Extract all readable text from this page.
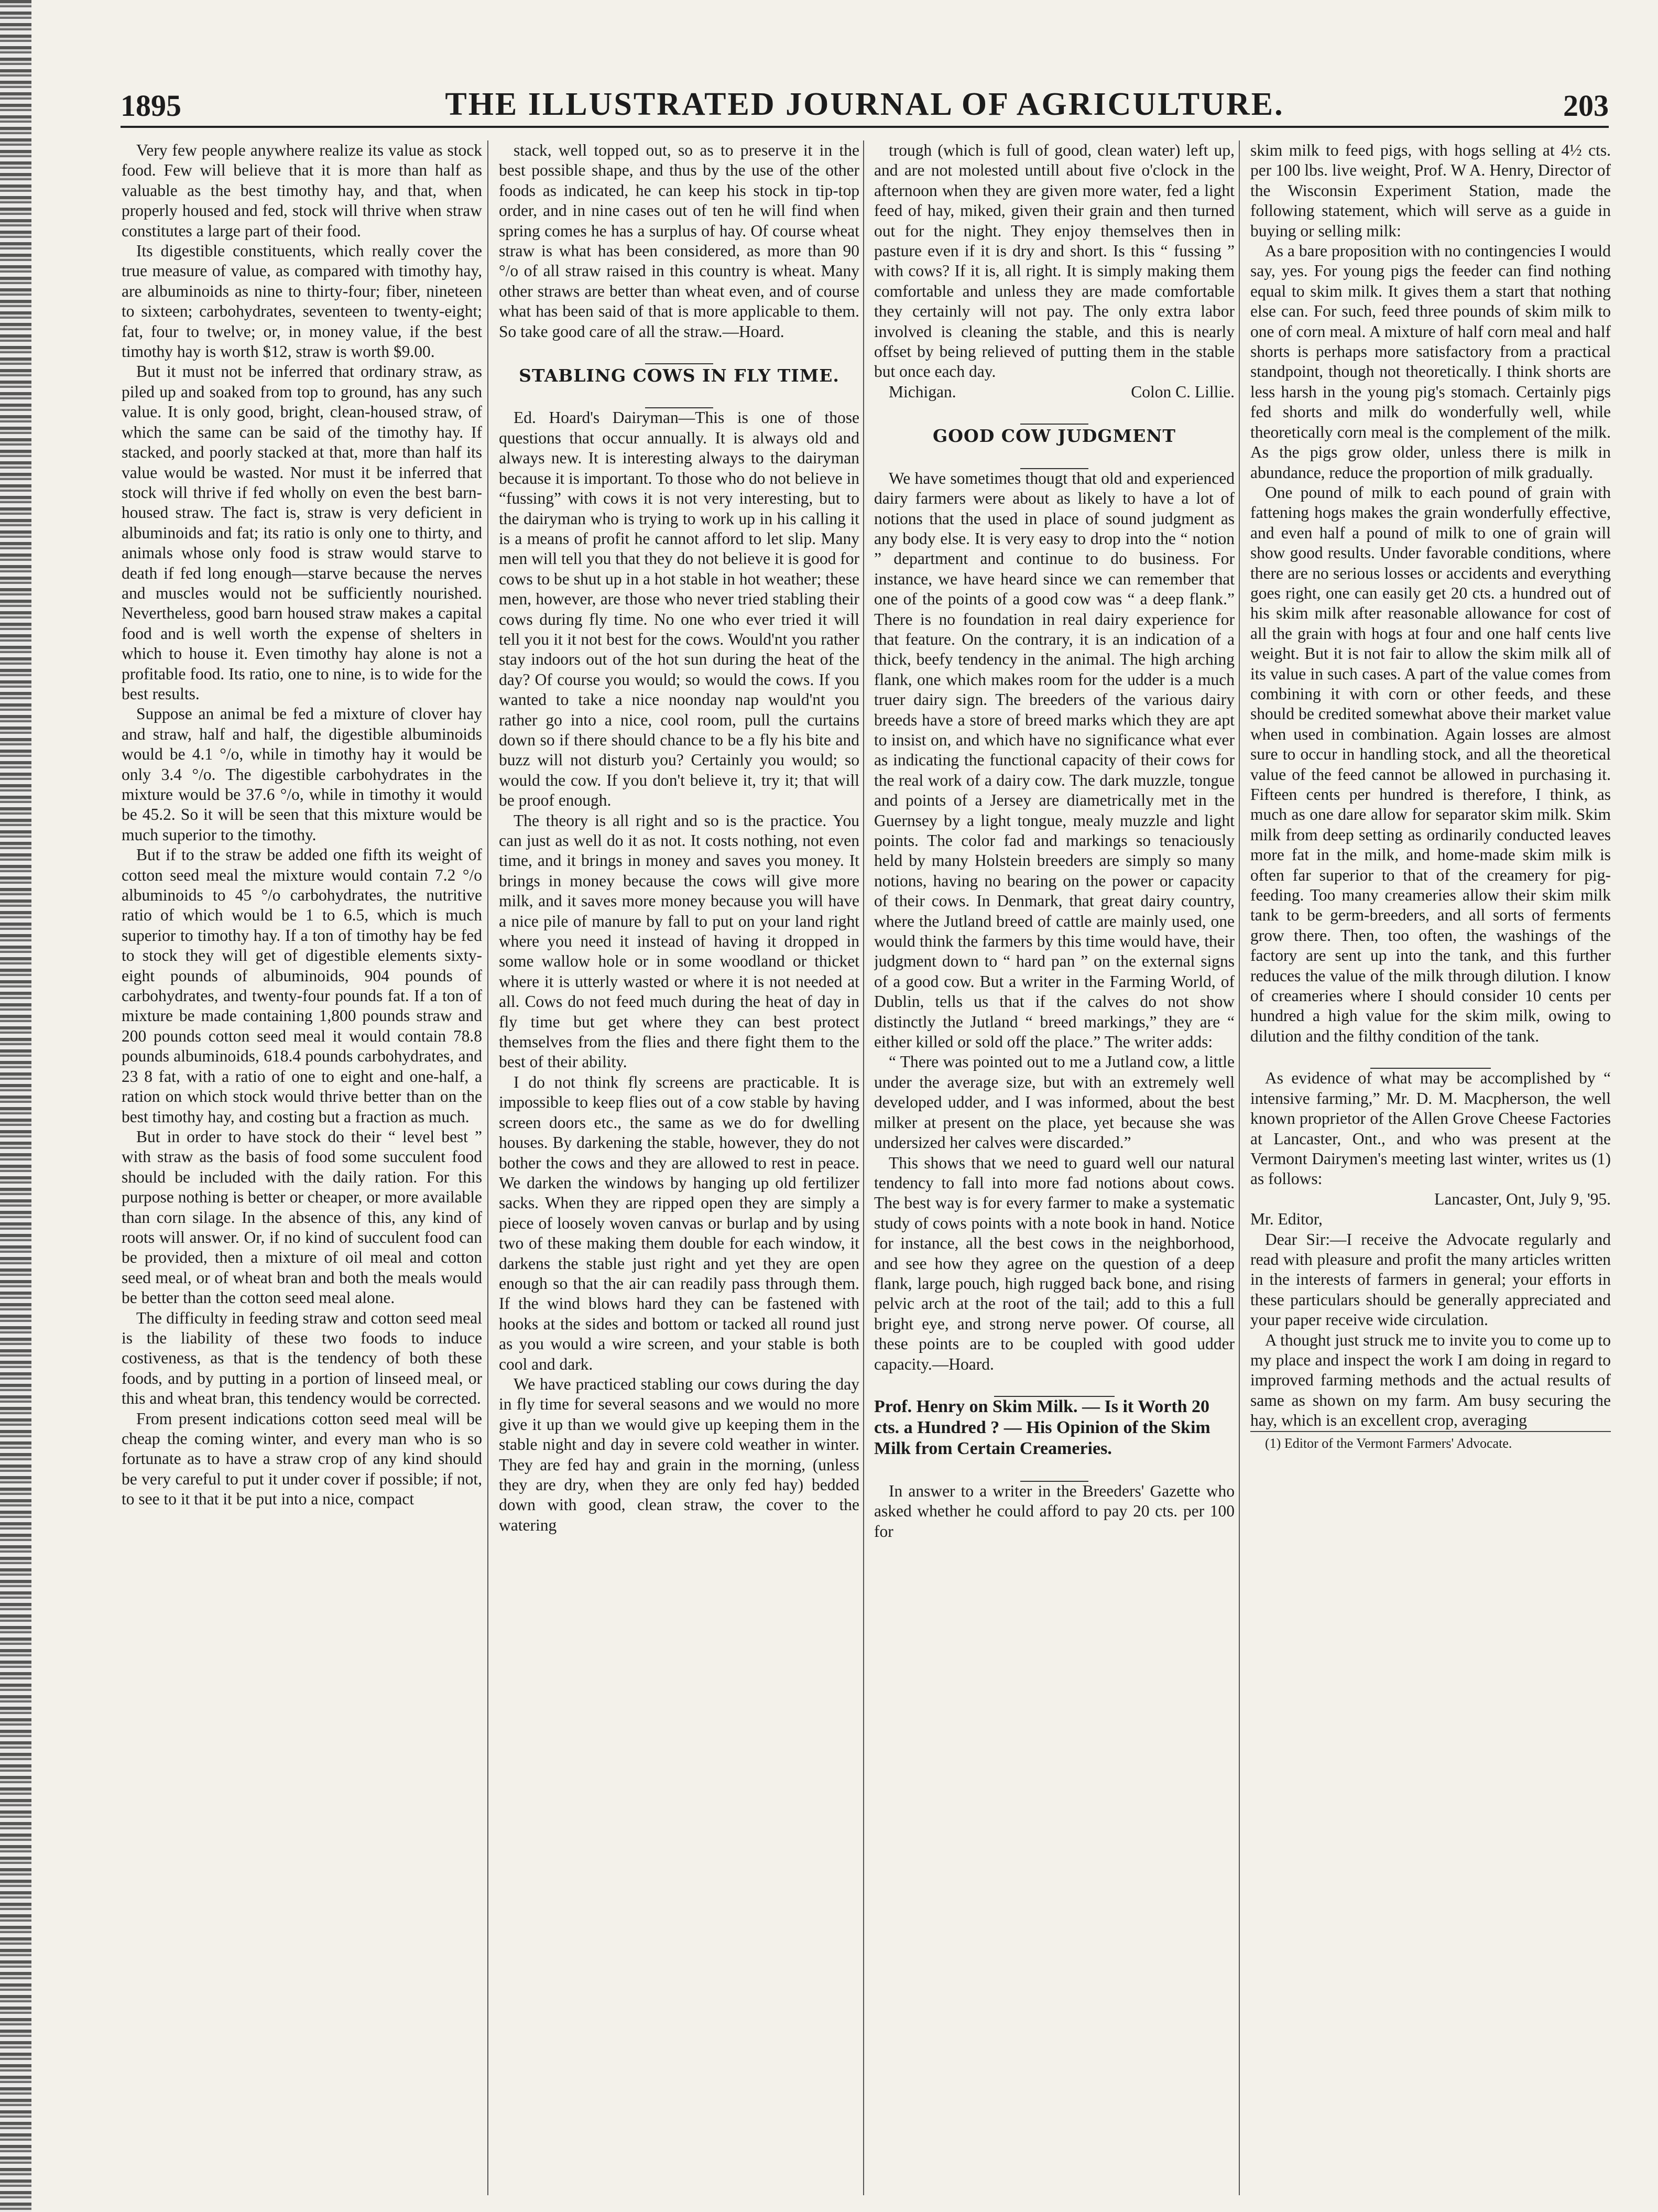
1895	THE ILLUSTRATED JOURNAL OF AGRICULTURE.	203

Very few people anywhere realize its value as stock food. Few will believe that it is more than half as valuable as the best timothy hay, and that, when properly housed and fed, stock will thrive when straw constitutes a large part of their food.

Its digestible constituents, which really cover the true measure of value, as compared with timothy hay, are albuminoids as nine to thirty-four; fiber, nineteen to sixteen; carbohydrates, seventeen to twenty-eight; fat, four to twelve; or, in money value, if the best timothy hay is worth $12, straw is worth $9.00.

But it must not be inferred that ordinary straw, as piled up and soaked from top to ground, has any such value. It is only good, bright, clean-housed straw, of which the same can be said of the timothy hay. If stacked, and poorly stacked at that, more than half its value would be wasted. Nor must it be inferred that stock will thrive if fed wholly on even the best barn-housed straw. The fact is, straw is very deficient in albuminoids and fat; its ratio is only one to thirty, and animals whose only food is straw would starve to death if fed long enough—starve because the nerves and muscles would not be sufficiently nourished. Nevertheless, good barn housed straw makes a capital food and is well worth the expense of shelters in which to house it. Even timothy hay alone is not a profitable food. Its ratio, one to nine, is to wide for the best results.

Suppose an animal be fed a mixture of clover hay and straw, half and half, the digestible albuminoids would be 4.1 °/o, while in timothy hay it would be only 3.4 °/o. The digestible carbohydrates in the mixture would be 37.6 °/o, while in timothy it would be 45.2. So it will be seen that this mixture would be much superior to the timothy.

But if to the straw be added one fifth its weight of cotton seed meal the mixture would contain 7.2 °/o albuminoids to 45 °/o carbohydrates, the nutritive ratio of which would be 1 to 6.5, which is much superior to timothy hay. If a ton of timothy hay be fed to stock they will get of digestible elements sixty-eight pounds of albuminoids, 904 pounds of carbohydrates, and twenty-four pounds fat. If a ton of mixture be made containing 1,800 pounds straw and 200 pounds cotton seed meal it would contain 78.8 pounds albuminoids, 618.4 pounds carbohydrates, and 23 8 fat, with a ratio of one to eight and one-half, a ration on which stock would thrive better than on the best timothy hay, and costing but a fraction as much.

But in order to have stock do their “ level best ” with straw as the basis of food some succulent food should be included with the daily ration. For this purpose nothing is better or cheaper, or more available than corn silage. In the absence of this, any kind of roots will answer. Or, if no kind of succulent food can be provided, then a mixture of oil meal and cotton seed meal, or of wheat bran and both the meals would be better than the cotton seed meal alone.

The difficulty in feeding straw and cotton seed meal is the liability of these two foods to induce costiveness, as that is the tendency of both these foods, and by putting in a portion of linseed meal, or this and wheat bran, this tendency would be corrected.

From present indications cotton seed meal will be cheap the coming winter, and every man who is so fortunate as to have a straw crop of any kind should be very careful to put it under cover if possible; if not, to see to it that it be put into a nice, compact

stack, well topped out, so as to preserve it in the best possible shape, and thus by the use of the other foods as indicated, he can keep his stock in tip-top order, and in nine cases out of ten he will find when spring comes he has a surplus of hay. Of course wheat straw is what has been considered, as more than 90 °/o of all straw raised in this country is wheat. Many other straws are better than wheat even, and of course what has been said of that is more applicable to them. So take good care of all the straw.—Hoard.

STABLING COWS IN FLY TIME.

Ed. Hoard's Dairyman—This is one of those questions that occur annually. It is always old and always new. It is interesting always to the dairyman because it is important. To those who do not believe in “fussing” with cows it is not very interesting, but to the dairyman who is trying to work up in his calling it is a means of profit he cannot afford to let slip. Many men will tell you that they do not believe it is good for cows to be shut up in a hot stable in hot weather; these men, however, are those who never tried stabling their cows during fly time. No one who ever tried it will tell you it it not best for the cows. Would'nt you rather stay indoors out of the hot sun during the heat of the day? Of course you would; so would the cows. If you wanted to take a nice noonday nap would'nt you rather go into a nice, cool room, pull the curtains down so if there should chance to be a fly his bite and buzz will not disturb you? Certainly you would; so would the cow. If you don't believe it, try it; that will be proof enough.

The theory is all right and so is the practice. You can just as well do it as not. It costs nothing, not even time, and it brings in money and saves you money. It brings in money because the cows will give more milk, and it saves more money because you will have a nice pile of manure by fall to put on your land right where you need it instead of having it dropped in some wallow hole or in some woodland or thicket where it is utterly wasted or where it is not needed at all. Cows do not feed much during the heat of day in fly time but get where they can best protect themselves from the flies and there fight them to the best of their ability.

I do not think fly screens are practicable. It is impossible to keep flies out of a cow stable by having screen doors etc., the same as we do for dwelling houses. By darkening the stable, however, they do not bother the cows and they are allowed to rest in peace. We darken the windows by hanging up old fertilizer sacks. When they are ripped open they are simply a piece of loosely woven canvas or burlap and by using two of these making them double for each window, it darkens the stable just right and yet they are open enough so that the air can readily pass through them. If the wind blows hard they can be fastened with hooks at the sides and bottom or tacked all round just as you would a wire screen, and your stable is both cool and dark.

We have practiced stabling our cows during the day in fly time for several seasons and we would no more give it up than we would give up keeping them in the stable night and day in severe cold weather in winter. They are fed hay and grain in the morning, (unless they are dry, when they are only fed hay) bedded down with good, clean straw, the cover to the watering

trough (which is full of good, clean water) left up, and are not molested untill about five o'clock in the afternoon when they are given more water, fed a light feed of hay, miked, given their grain and then turned out for the night. They enjoy themselves then in pasture even if it is dry and short. Is this “ fussing ” with cows? If it is, all right. It is simply making them comfortable and unless they are made comfortable they certainly will not pay. The only extra labor involved is cleaning the stable, and this is nearly offset by being relieved of putting them in the stable but once each day.

Michigan.	Colon C. Lillie.

GOOD COW JUDGMENT

We have sometimes thougt that old and experienced dairy farmers were about as likely to have a lot of notions that the used in place of sound judgment as any body else. It is very easy to drop into the “ notion ” department and continue to do business. For instance, we have heard since we can remember that one of the points of a good cow was “ a deep flank.” There is no foundation in real dairy experience for that feature. On the contrary, it is an indication of a thick, beefy tendency in the animal. The high arching flank, one which makes room for the udder is a much truer dairy sign. The breeders of the various dairy breeds have a store of breed marks which they are apt to insist on, and which have no significance what ever as indicating the functional capacity of their cows for the real work of a dairy cow. The dark muzzle, tongue and points of a Jersey are diametrically met in the Guernsey by a light tongue, mealy muzzle and light points. The color fad and markings so tenaciously held by many Holstein breeders are simply so many notions, having no bearing on the power or capacity of their cows. In Denmark, that great dairy country, where the Jutland breed of cattle are mainly used, one would think the farmers by this time would have, their judgment down to “ hard pan ” on the external signs of a good cow. But a writer in the Farming World, of Dublin, tells us that if the calves do not show distinctly the Jutland “ breed markings,” they are “ either killed or sold off the place.” The writer adds:

“ There was pointed out to me a Jutland cow, a little under the average size, but with an extremely well developed udder, and I was informed, about the best milker at present on the place, yet because she was undersized her calves were discarded.”

This shows that we need to guard well our natural tendency to fall into more fad notions about cows. The best way is for every farmer to make a systematic study of cows points with a note book in hand. Notice for instance, all the best cows in the neighborhood, and see how they agree on the question of a deep flank, large pouch, high rugged back bone, and rising pelvic arch at the root of the tail; add to this a full bright eye, and strong nerve power. Of course, all these points are to be coupled with good udder capacity.—Hoard.

Prof. Henry on Skim Milk. — Is it Worth 20 cts. a Hundred ? — His Opinion of the Skim Milk from Certain Creameries.

In answer to a writer in the Breeders' Gazette who asked whether he could afford to pay 20 cts. per 100 for

skim milk to feed pigs, with hogs selling at 4½ cts. per 100 lbs. live weight, Prof. W A. Henry, Director of the Wisconsin Experiment Station, made the following statement, which will serve as a guide in buying or selling milk:

As a bare proposition with no contingencies I would say, yes. For young pigs the feeder can find nothing equal to skim milk. It gives them a start that nothing else can. For such, feed three pounds of skim milk to one of corn meal. A mixture of half corn meal and half shorts is perhaps more satisfactory from a practical standpoint, though not theoretically. I think shorts are less harsh in the young pig's stomach. Certainly pigs fed shorts and milk do wonderfully well, while theoretically corn meal is the complement of the milk. As the pigs grow older, unless there is milk in abundance, reduce the proportion of milk gradually.

One pound of milk to each pound of grain with fattening hogs makes the grain wonderfully effective, and even half a pound of milk to one of grain will show good results. Under favorable conditions, where there are no serious losses or accidents and everything goes right, one can easily get 20 cts. a hundred out of his skim milk after reasonable allowance for cost of all the grain with hogs at four and one half cents live weight. But it is not fair to allow the skim milk all of its value in such cases. A part of the value comes from combining it with corn or other feeds, and these should be credited somewhat above their market value when used in combination. Again losses are almost sure to occur in handling stock, and all the theoretical value of the feed cannot be allowed in purchasing it. Fifteen cents per hundred is therefore, I think, as much as one dare allow for separator skim milk. Skim milk from deep setting as ordinarily conducted leaves more fat in the milk, and home-made skim milk is often far superior to that of the creamery for pig-feeding. Too many creameries allow their skim milk tank to be germ-breeders, and all sorts of ferments grow there. Then, too often, the washings of the factory are sent up into the tank, and this further reduces the value of the milk through dilution. I know of creameries where I should consider 10 cents per hundred a high value for the skim milk, owing to dilution and the filthy condition of the tank.

As evidence of what may be accomplished by “ intensive farming,” Mr. D. M. Macpherson, the well known proprietor of the Allen Grove Cheese Factories at Lancaster, Ont., and who was present at the Vermont Dairymen's meeting last winter, writes us (1) as follows:

Lancaster, Ont, July 9, '95.

Mr. Editor,

Dear Sir:—I receive the Advocate regularly and read with pleasure and profit the many articles written in the interests of farmers in general; your efforts in these particulars should be generally appreciated and your paper receive wide circulation.

A thought just struck me to invite you to come up to my place and inspect the work I am doing in regard to improved farming methods and the actual results of same as shown on my farm. Am busy securing the hay, which is an excellent crop, averaging

(1) Editor of the Vermont Farmers' Advocate.
